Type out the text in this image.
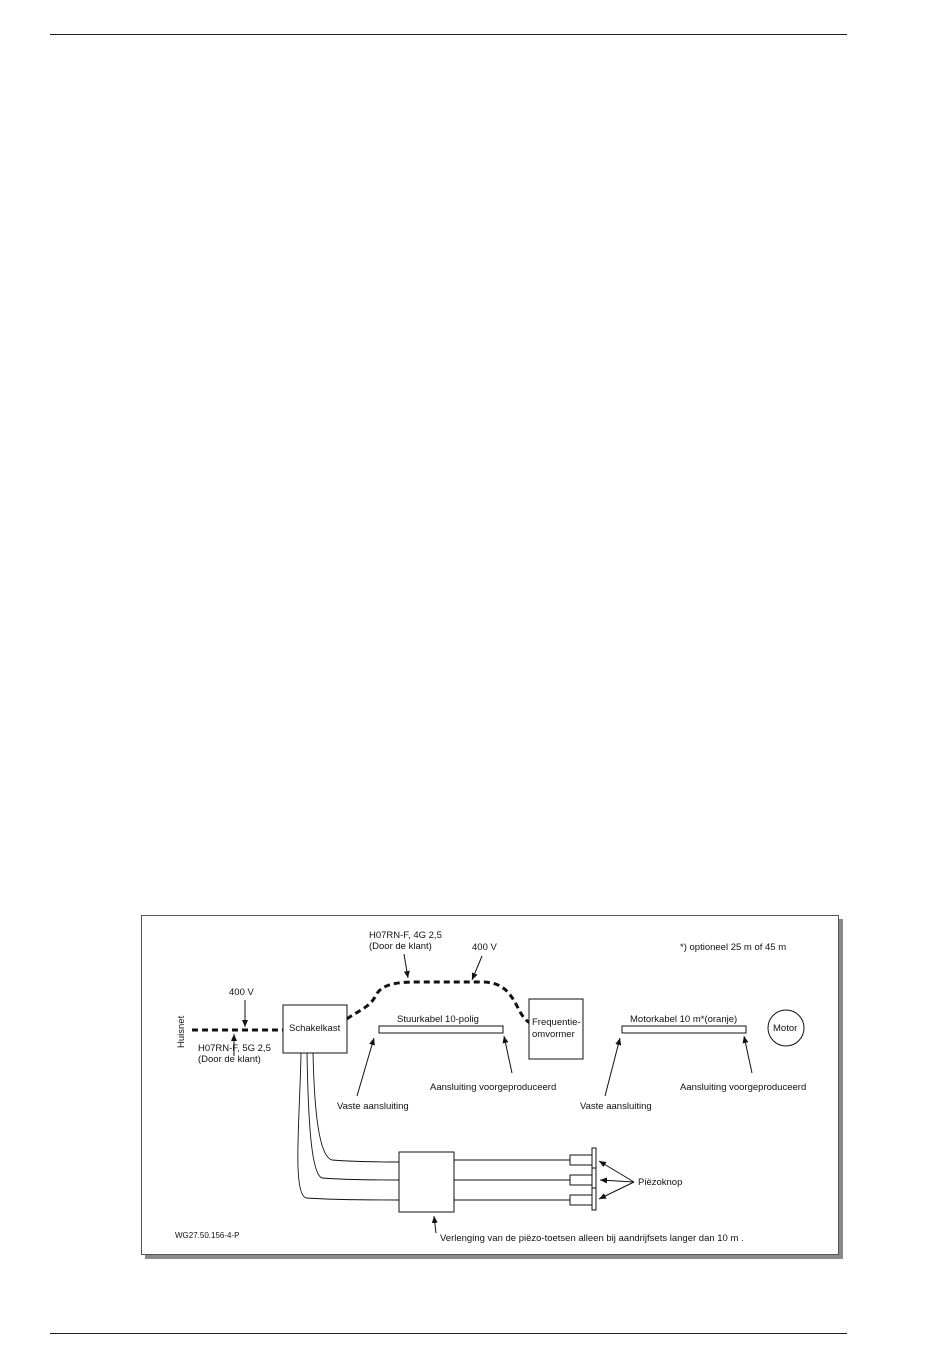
*) optioneel 25 m of 45 m
Huisnet
400 V
H07RN-F, 5G 2,5
(Door de klant)
Schakelkast
H07RN-F, 4G 2,5
(Door de klant)	400 V
Stuurkabel 10-polig	Frequentie-
omvormer
Motorkabel 10 m*(oranje)
Motor
Vaste aansluiting
Aansluiting voorgeproduceerd
Vaste aansluiting
Aansluiting voorgeproduceerd
Piëzoknop
Verlenging van de piëzo-toetsen alleen bij aandrijfsets langer dan 10 m .
WG27.50.156-4-P
